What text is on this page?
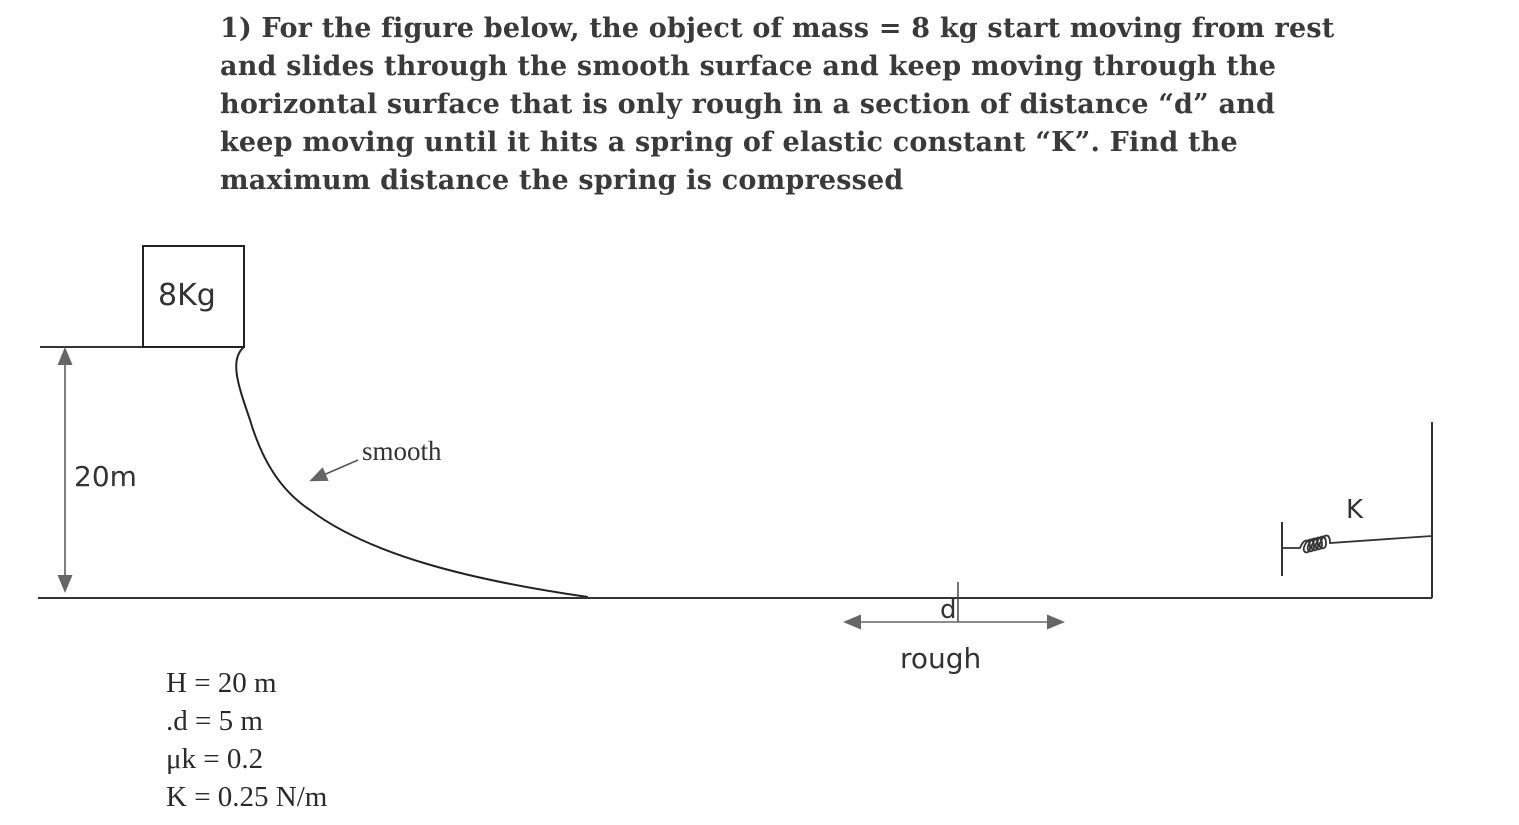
1) For the figure below, the object of mass = 8 kg start moving from rest and slides through the smooth surface and keep moving through the horizontal surface that is only rough in a section of distance “d” and keep moving until it hits a spring of elastic constant “K”. Find the maximum distance the spring is compressed

8Kg
20m
smooth
d
rough
K
H = 20 m
.d = 5 m
μk = 0.2
K = 0.25 N/m
